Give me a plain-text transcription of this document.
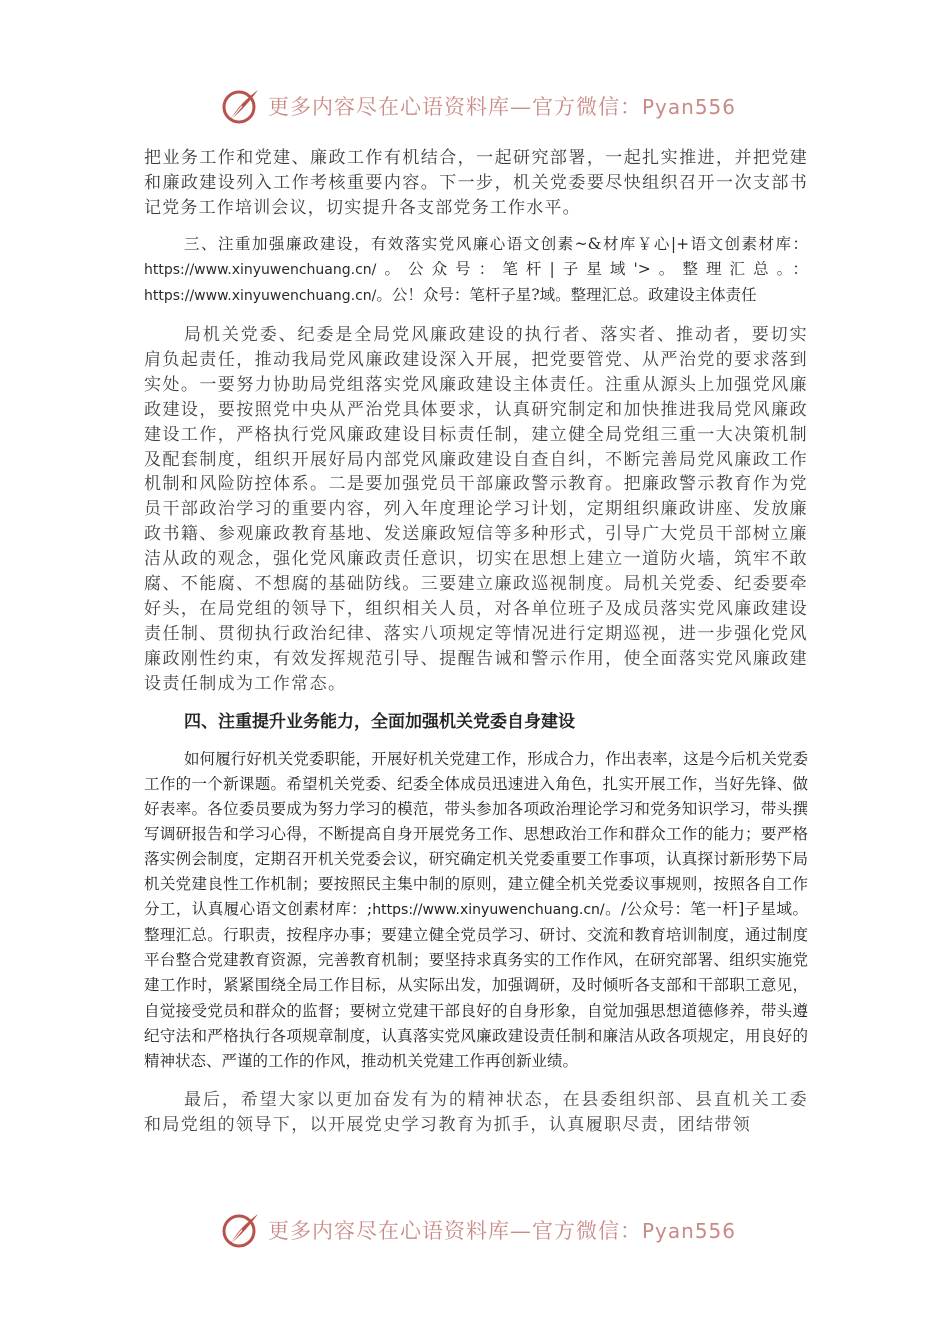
更多内容尽在心语资料库—官方微信：Pyan556

把业务工作和党建、廉政工作有机结合，一起研究部署，一起扎实推进，并把党建和廉政建设列入工作考核重要内容。下一步，机关党委要尽快组织召开一次支部书记党务工作培训会议，切实提升各支部党务工作水平。

三、注重加强廉政建设，有效落实党风廉心语文创素~&材库￥心|+语文创素材库：https://www.xinyuwenchuang.cn/。公众号：笔杆|子星域'>。整理汇总。：https://www.xinyuwenchuang.cn/。公！众号：笔杆子星?域。整理汇总。政建设主体责任

局机关党委、纪委是全局党风廉政建设的执行者、落实者、推动者，要切实肩负起责任，推动我局党风廉政建设深入开展，把党要管党、从严治党的要求落到实处。一要努力协助局党组落实党风廉政建设主体责任。注重从源头上加强党风廉政建设，要按照党中央从严治党具体要求，认真研究制定和加快推进我局党风廉政建设工作，严格执行党风廉政建设目标责任制，建立健全局党组三重一大决策机制及配套制度，组织开展好局内部党风廉政建设自查自纠，不断完善局党风廉政工作机制和风险防控体系。二是要加强党员干部廉政警示教育。把廉政警示教育作为党员干部政治学习的重要内容，列入年度理论学习计划，定期组织廉政讲座、发放廉政书籍、参观廉政教育基地、发送廉政短信等多种形式，引导广大党员干部树立廉洁从政的观念，强化党风廉政责任意识，切实在思想上建立一道防火墙，筑牢不敢腐、不能腐、不想腐的基础防线。三要建立廉政巡视制度。局机关党委、纪委要牵好头，在局党组的领导下，组织相关人员，对各单位班子及成员落实党风廉政建设责任制、贯彻执行政治纪律、落实八项规定等情况进行定期巡视，进一步强化党风廉政刚性约束，有效发挥规范引导、提醒告诫和警示作用，使全面落实党风廉政建设责任制成为工作常态。

四、注重提升业务能力，全面加强机关党委自身建设

如何履行好机关党委职能，开展好机关党建工作，形成合力，作出表率，这是今后机关党委工作的一个新课题。希望机关党委、纪委全体成员迅速进入角色，扎实开展工作，当好先锋、做好表率。各位委员要成为努力学习的模范，带头参加各项政治理论学习和党务知识学习，带头撰写调研报告和学习心得，不断提高自身开展党务工作、思想政治工作和群众工作的能力；要严格落实例会制度，定期召开机关党委会议，研究确定机关党委重要工作事项，认真探讨新形势下局机关党建良性工作机制；要按照民主集中制的原则，建立健全机关党委议事规则，按照各自工作分工，认真履心语文创素材库：;https://www.xinyuwenchuang.cn/。/公众号：笔一杆]子星域。整理汇总。行职责，按程序办事；要建立健全党员学习、研讨、交流和教育培训制度，通过制度平台整合党建教育资源，完善教育机制；要坚持求真务实的工作作风，在研究部署、组织实施党建工作时，紧紧围绕全局工作目标，从实际出发，加强调研，及时倾听各支部和干部职工意见，自觉接受党员和群众的监督；要树立党建干部良好的自身形象，自觉加强思想道德修养，带头遵纪守法和严格执行各项规章制度，认真落实党风廉政建设责任制和廉洁从政各项规定，用良好的精神状态、严谨的工作的作风，推动机关党建工作再创新业绩。

最后，希望大家以更加奋发有为的精神状态，在县委组织部、县直机关工委和局党组的领导下，以开展党史学习教育为抓手，认真履职尽责，团结带领

更多内容尽在心语资料库—官方微信：Pyan556
